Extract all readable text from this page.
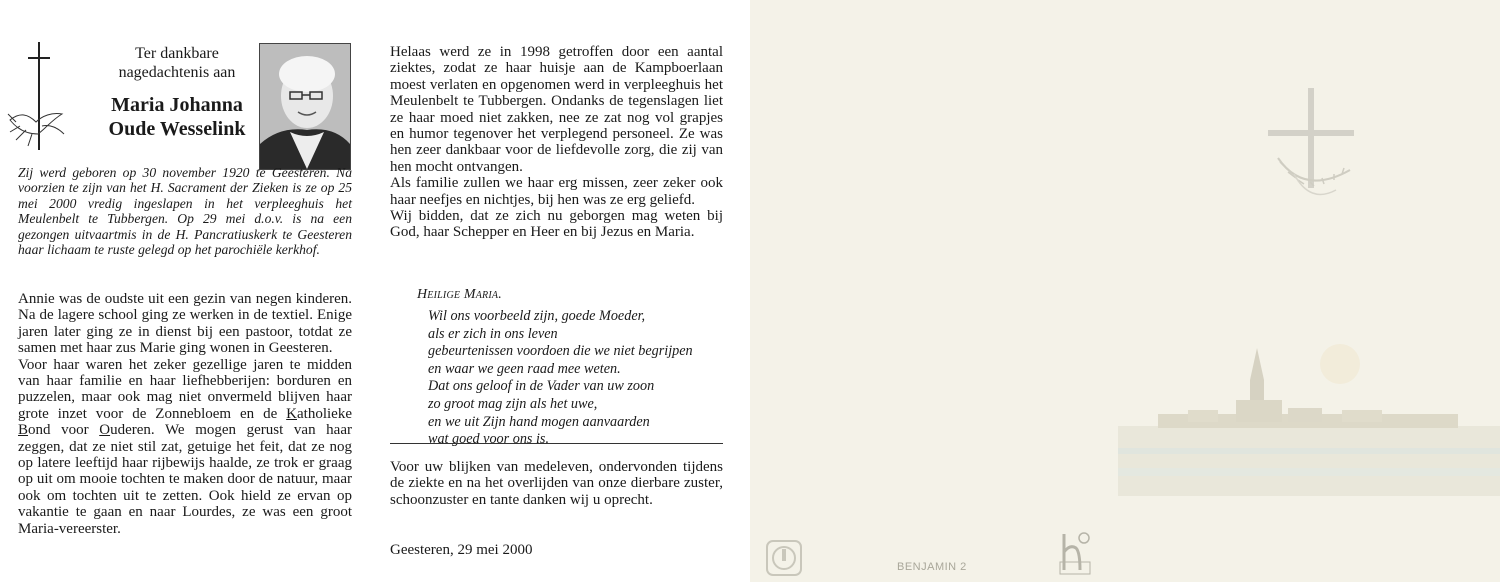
Ter dankbare
nagedachtenis aan
Maria Johanna
Oude Wesselink

Zij werd geboren op 30 november 1920 te Geesteren. Na voorzien te zijn van het H. Sacrament der Zieken is ze op 25 mei 2000 vredig ingeslapen in het verpleeghuis het Meulenbelt te Tubbergen. Op 29 mei d.o.v. is na een gezongen uitvaartmis in de H. Pancratiuskerk te Geesteren haar lichaam te ruste gelegd op het parochiële kerkhof.

Annie was de oudste uit een gezin van negen kinderen. Na de lagere school ging ze werken in de textiel. Enige jaren later ging ze in dienst bij een pastoor, totdat ze samen met haar zus Marie ging wonen in Geesteren.

Voor haar waren het zeker gezellige jaren te midden van haar familie en haar liefhebberijen: borduren en puzzelen, maar ook mag niet onvermeld blijven haar grote inzet voor de Zonnebloem en de Katholieke Bond voor Ouderen. We mogen gerust van haar zeggen, dat ze niet stil zat, getuige het feit, dat ze nog op latere leeftijd haar rijbewijs haalde, ze trok er graag op uit om mooie tochten te maken door de natuur, maar ook om tochten uit te zetten. Ook hield ze ervan op vakantie te gaan en naar Lourdes, ze was een groot Maria-vereerster.

Helaas werd ze in 1998 getroffen door een aantal ziektes, zodat ze haar huisje aan de Kampboerlaan moest verlaten en opgenomen werd in verpleeghuis het Meulenbelt te Tubbergen. Ondanks de tegenslagen liet ze haar moed niet zakken, nee ze zat nog vol grapjes en humor tegenover het verplegend personeel. Ze was hen zeer dankbaar voor de liefdevolle zorg, die zij van hen mocht ontvangen.

Als familie zullen we haar erg missen, zeer zeker ook haar neefjes en nichtjes, bij hen was ze erg geliefd.

Wij bidden, dat ze zich nu geborgen mag weten bij God, haar Schepper en Heer en bij Jezus en Maria.

Heilige Maria.
Wil ons voorbeeld zijn, goede Moeder,
als er zich in ons leven
gebeurtenissen voordoen die we niet begrijpen
en waar we geen raad mee weten.
Dat ons geloof in de Vader van uw zoon
zo groot mag zijn als het uwe,
en we uit Zijn hand mogen aanvaarden
wat goed voor ons is.
Voor uw blijken van medeleven, ondervonden tijdens de ziekte en na het overlijden van onze dierbare zuster, schoonzuster en tante danken wij u oprecht.
Geesteren, 29 mei 2000
BENJAMIN 2
